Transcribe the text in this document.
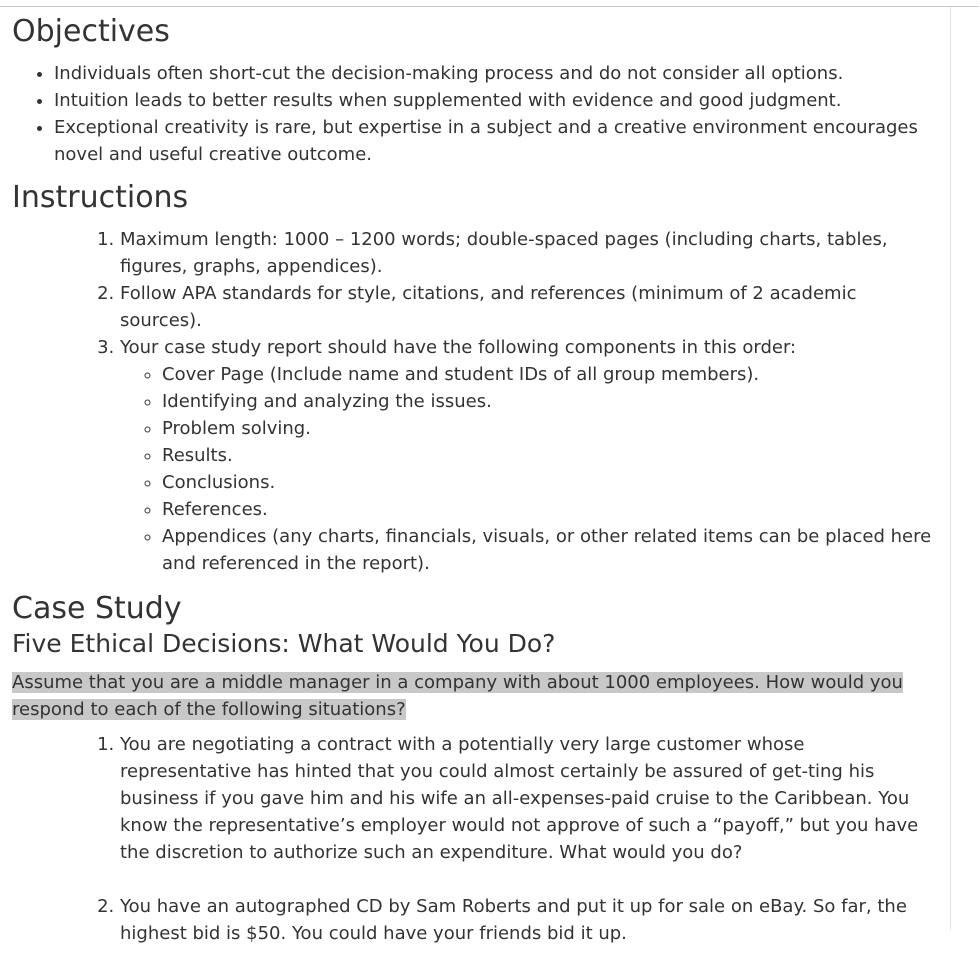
Objectives
• Individuals often short-cut the decision-making process and do not consider all options.
• Intuition leads to better results when supplemented with evidence and good judgment.
• Exceptional creativity is rare, but expertise in a subject and a creative environment encourages novel and useful creative outcome.
Instructions
1. Maximum length: 1000 – 1200 words; double-spaced pages (including charts, tables, figures, graphs, appendices).
2. Follow APA standards for style, citations, and references (minimum of 2 academic sources).
3. Your case study report should have the following components in this order:
◦ Cover Page (Include name and student IDs of all group members).
◦ Identifying and analyzing the issues.
◦ Problem solving.
◦ Results.
◦ Conclusions.
◦ References.
◦ Appendices (any charts, financials, visuals, or other related items can be placed here and referenced in the report).
Case Study
Five Ethical Decisions: What Would You Do?

Assume that you are a middle manager in a company with about 1000 employees. How would you respond to each of the following situations?

1. You are negotiating a contract with a potentially very large customer whose representative has hinted that you could almost certainly be assured of get-ting his business if you gave him and his wife an all-expenses-paid cruise to the Caribbean. You know the representative’s employer would not approve of such a “payoff,” but you have the discretion to authorize such an expenditure. What would you do?
2. You have an autographed CD by Sam Roberts and put it up for sale on eBay. So far, the highest bid is $50. You could have your friends bid it up.
